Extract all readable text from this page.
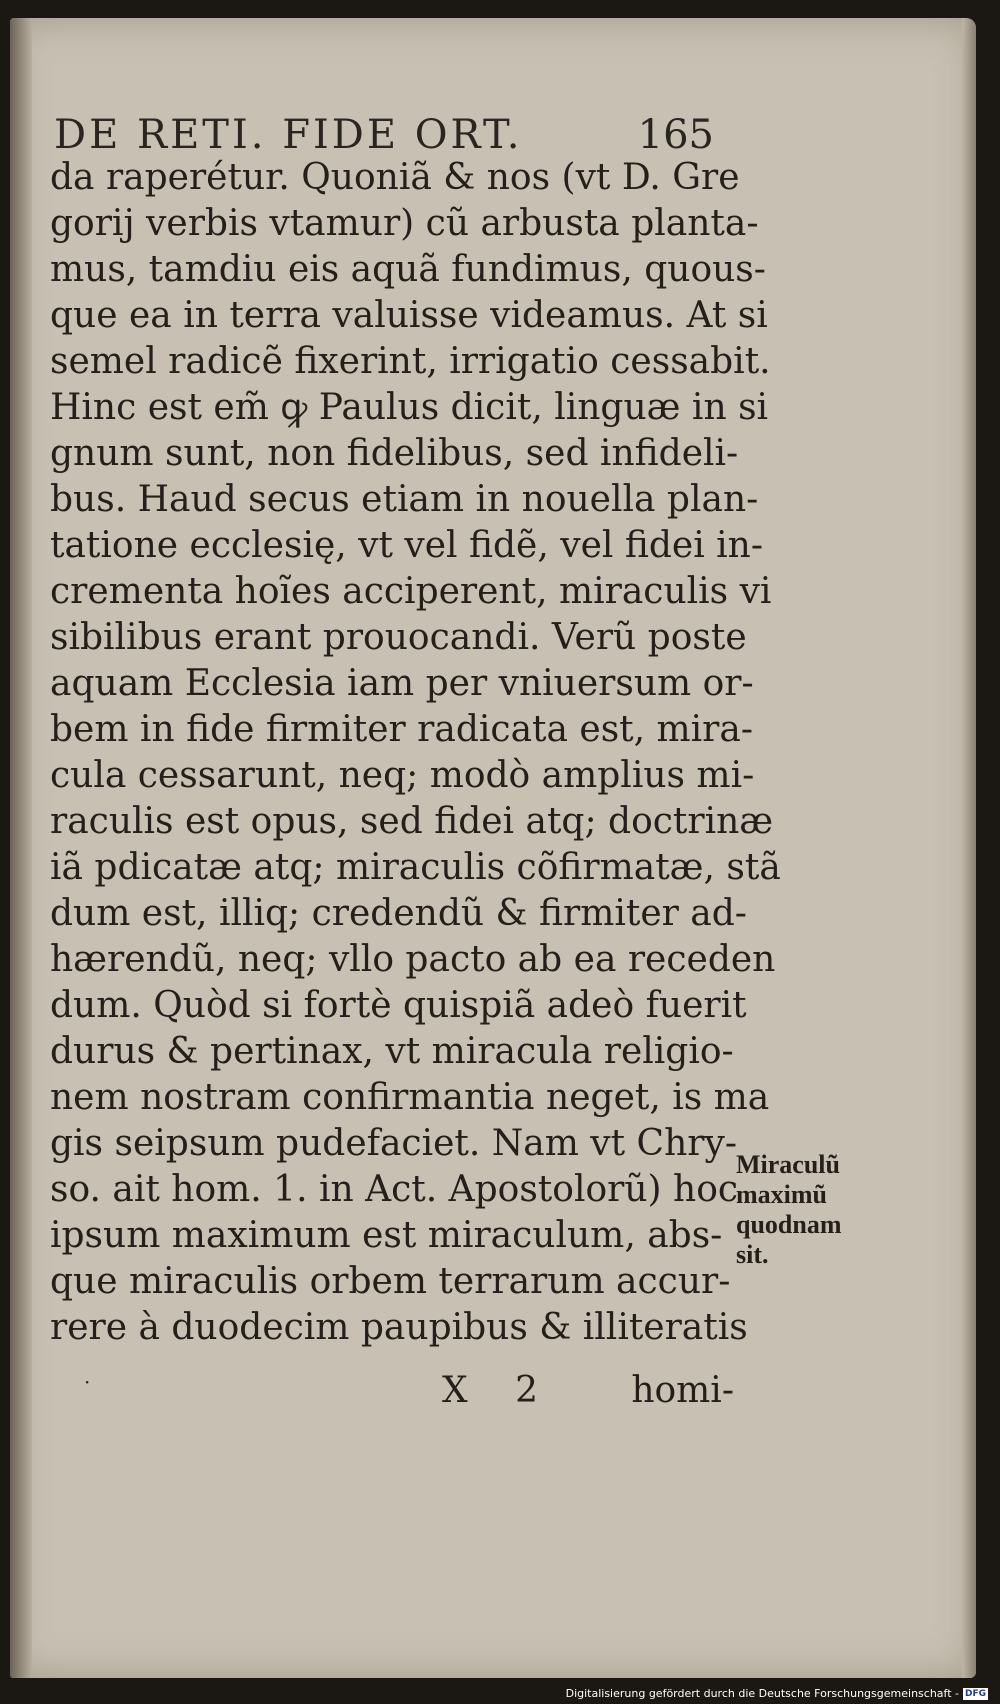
DE RETI. FIDE ORT.	165
da raperétur. Quoniã & nos (vt D. Gre
gorij verbis vtamur) cũ arbusta planta-
mus, tamdiu eis aquã fundimus, quous-
que ea in terra valuisse videamus. At si
semel radicẽ fixerint, irrigatio cessabit.
Hinc est em̃ ꝙ Paulus dicit, linguæ in si
gnum sunt, non fidelibus, sed infideli-
bus. Haud secus etiam in nouella plan-
tatione ecclesię, vt vel fidẽ, vel fidei in-
crementa hoĩes acciperent, miraculis vi
sibilibus erant prouocandi. Verũ poste
aquam Ecclesia iam per vniuersum or-
bem in fide firmiter radicata est, mira-
cula cessarunt, neq; modò amplius mi-
raculis est opus, sed fidei atq; doctrinæ
iã pdicatæ atq; miraculis cõfirmatæ, stã
dum est, illiq; credendũ & firmiter ad-
hærendũ, neq; vllo pacto ab ea receden
dum. Quòd si fortè quispiã adeò fuerit
durus & pertinax, vt miracula religio-
nem nostram confirmantia neget, is ma
gis seipsum pudefaciet. Nam vt Chry-
so. ait hom. 1. in Act. Apostolorũ) hoc
ipsum maximum est miraculum, abs-
que miraculis orbem terrarum accur-
rere à duodecim paupibus & illiteratis
·	X 2 homi-
Miraculũ
maximũ
quodnam
sit.
Digitalisierung gefördert durch die Deutsche Forschungsgemeinschaft - DFG
